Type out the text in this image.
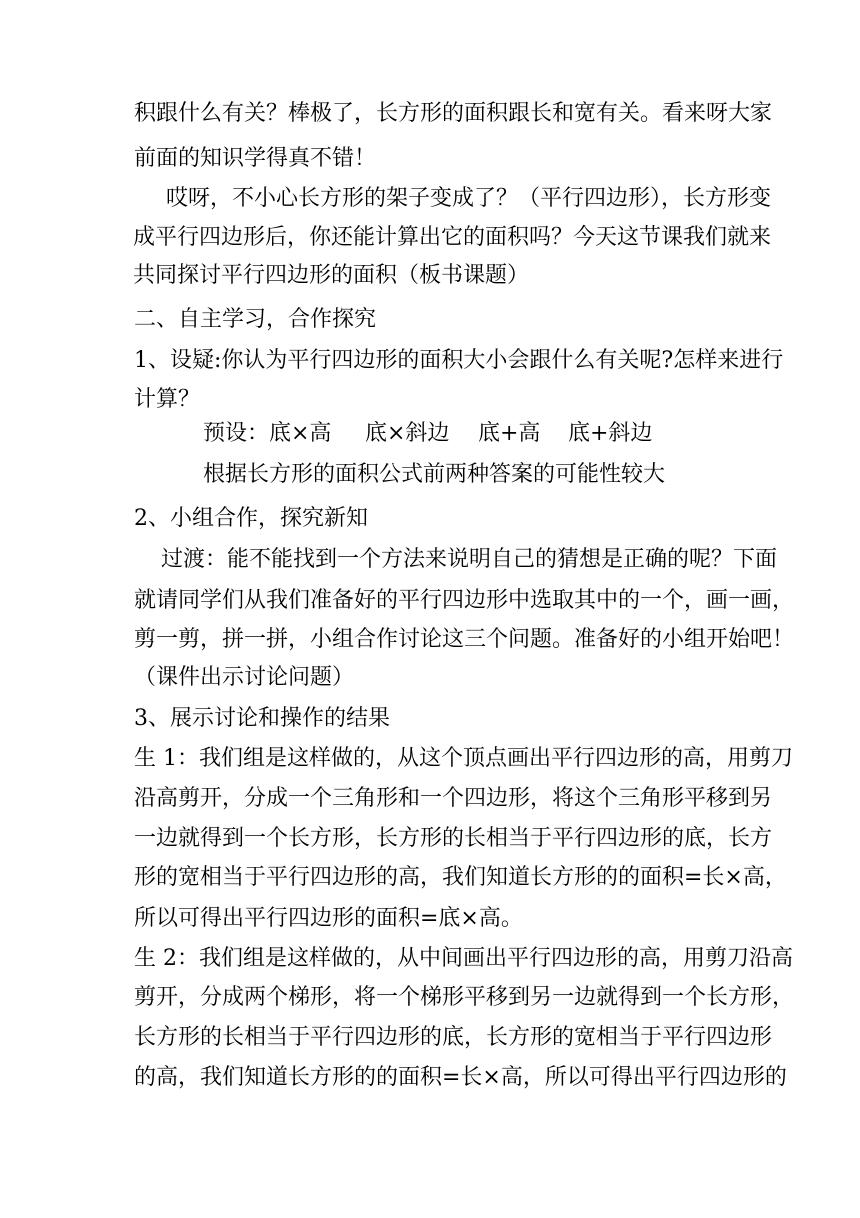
积跟什么有关？棒极了，长方形的面积跟长和宽有关。看来呀大家
前面的知识学得真不错！
哎呀，不小心长方形的架子变成了？（平行四边形），长方形变
成平行四边形后，你还能计算出它的面积吗？今天这节课我们就来
共同探讨平行四边形的面积（板书课题）
二、自主学习，合作探究
1、设疑:你认为平行四边形的面积大小会跟什么有关呢?怎样来进行
计算？
预设：底×高 底×斜边 底+高 底+斜边
根据长方形的面积公式前两种答案的可能性较大
2、小组合作，探究新知
过渡：能不能找到一个方法来说明自己的猜想是正确的呢？下面
就请同学们从我们准备好的平行四边形中选取其中的一个，画一画，
剪一剪，拼一拼，小组合作讨论这三个问题。准备好的小组开始吧！
（课件出示讨论问题）
3、展示讨论和操作的结果
生 1：我们组是这样做的，从这个顶点画出平行四边形的高，用剪刀
沿高剪开，分成一个三角形和一个四边形，将这个三角形平移到另
一边就得到一个长方形，长方形的长相当于平行四边形的底，长方
形的宽相当于平行四边形的高，我们知道长方形的的面积=长×高，
所以可得出平行四边形的面积=底×高。
生 2：我们组是这样做的，从中间画出平行四边形的高，用剪刀沿高
剪开，分成两个梯形，将一个梯形平移到另一边就得到一个长方形，
长方形的长相当于平行四边形的底，长方形的宽相当于平行四边形
的高，我们知道长方形的的面积=长×高，所以可得出平行四边形的
